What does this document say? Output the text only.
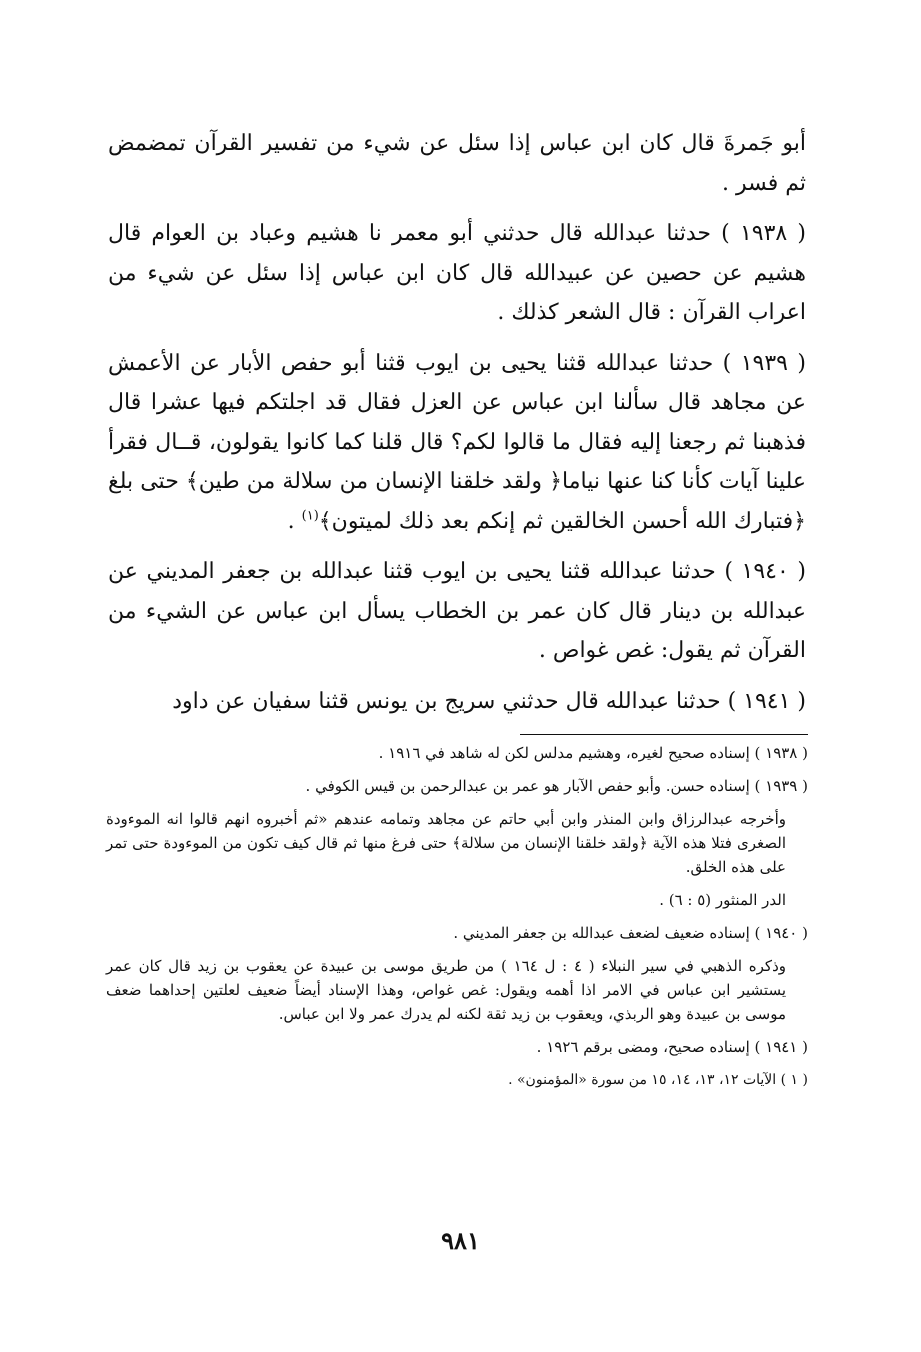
أبو جَمرةَ قال كان ابن عباس إذا سئل عن شيء من تفسير القرآن تمضمض ثم فسر .

( ١٩٣٨ ) حدثنا عبدالله قال حدثني أبو معمر نا هشيم وعباد بن العوام قال هشيم عن حصين عن عبيدالله قال كان ابن عباس إذا سئل عن شيء من اعراب القرآن : قال الشعر كذلك .

( ١٩٣٩ ) حدثنا عبدالله قثنا يحيى بن ايوب قثنا أبو حفص الأبار عن الأعمش عن مجاهد قال سألنا ابن عباس عن العزل فقال قد اجلتكم فيها عشرا قال فذهبنا ثم رجعنا إليه فقال ما قالوا لكم؟ قال قلنا كما كانوا يقولون، قــال فقرأ علينا آيات كأنا كنا عنها نياما﴿ ولقد خلقنا الإنسان من سلالة من طين﴾ حتى بلغ ﴿فتبارك الله أحسن الخالقين ثم إنكم بعد ذلك لميتون﴾$^{(١)}$ .

( ١٩٤٠ ) حدثنا عبدالله قثنا يحيى بن ايوب قثنا عبدالله بن جعفر المديني عن عبدالله بن دينار قال كان عمر بن الخطاب يسأل ابن عباس عن الشيء من القرآن ثم يقول: غص غواص .

( ١٩٤١ ) حدثنا عبدالله قال حدثني سريج بن يونس قثنا سفيان عن داود

( ١٩٣٨ ) إسناده صحيح لغيره، وهشيم مدلس لكن له شاهد في ١٩١٦ .

( ١٩٣٩ ) إسناده حسن. وأبو حفص الآبار هو عمر بن عبدالرحمن بن قيس الكوفي .

وأخرجه عبدالرزاق وابن المنذر وابن أبي حاتم عن مجاهد وتمامه عندهم «ثم أخبروه انهم قالوا انه الموءودة الصغرى فتلا هذه الآية ﴿ولقد خلقنا الإنسان من سلالة﴾ حتى فرغ منها ثم قال كيف تكون من الموءودة حتى تمر على هذه الخلق.

الدر المنثور (٥ : ٦) .

( ١٩٤٠ ) إسناده ضعيف لضعف عبدالله بن جعفر المديني .

وذكره الذهبي في سير النبلاء ( ٤ : ل ١٦٤ ) من طريق موسى بن عبيدة عن يعقوب بن زيد قال كان عمر يستشير ابن عباس في الامر اذا أهمه ويقول: غص غواص، وهذا الإسناد أيضاً ضعيف لعلتين إحداهما ضعف موسى بن عبيدة وهو الربذي، ويعقوب بن زيد ثقة لكنه لم يدرك عمر ولا ابن عباس.

( ١٩٤١ ) إسناده صحيح، ومضى برقم ١٩٢٦ .

( ١ ) الآيات ١٢، ١٣، ١٤، ١٥ من سورة «المؤمنون» .

٩٨١
